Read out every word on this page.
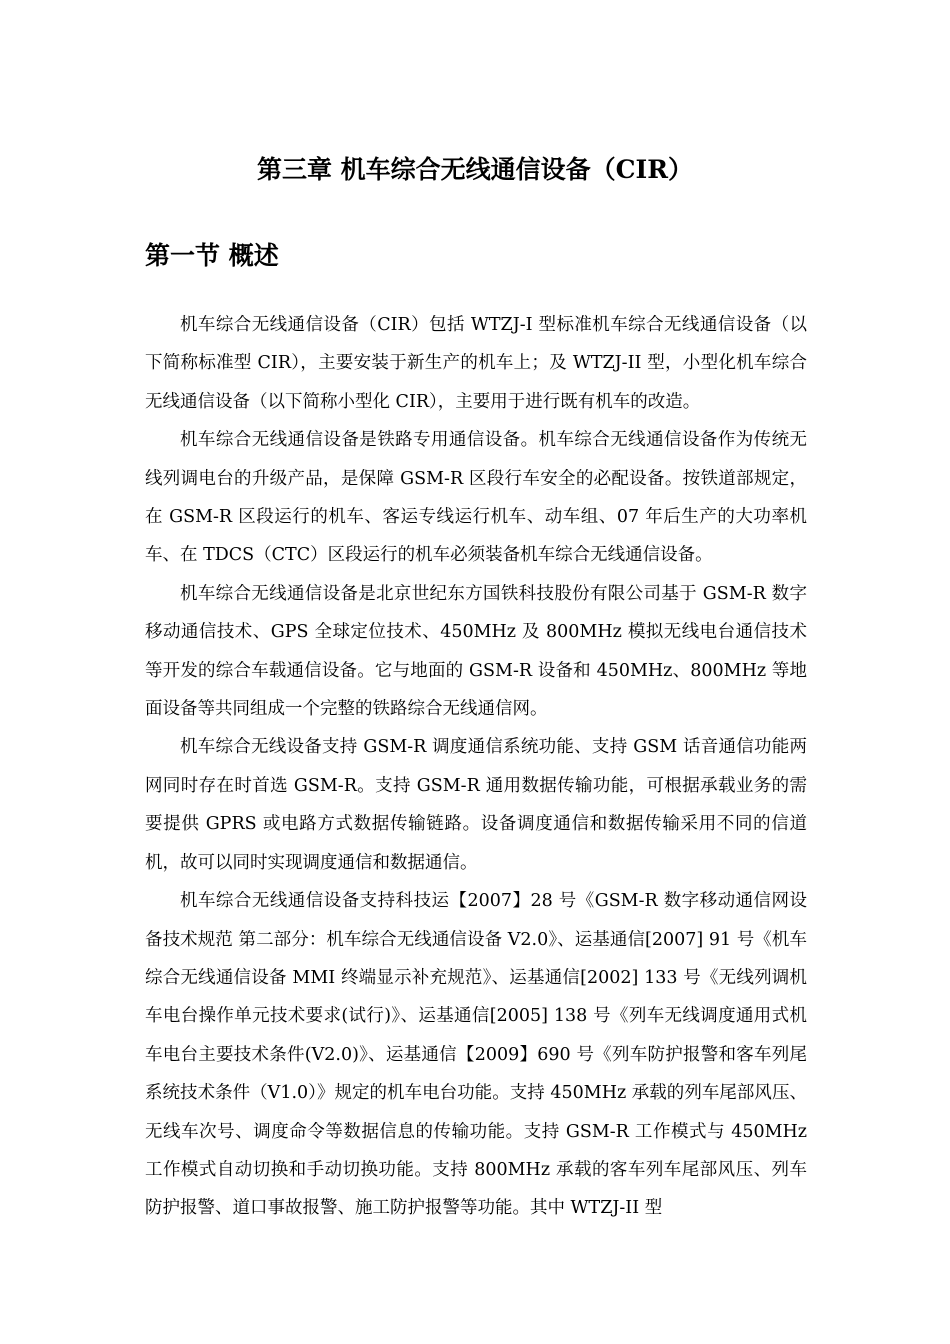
第三章 机车综合无线通信设备（CIR）
第一节 概述

机车综合无线通信设备（CIR）包括 WTZJ-I 型标准机车综合无线通信设备（以下简称标准型 CIR），主要安装于新生产的机车上；及 WTZJ-II 型，小型化机车综合无线通信设备（以下简称小型化 CIR），主要用于进行既有机车的改造。

机车综合无线通信设备是铁路专用通信设备。机车综合无线通信设备作为传统无线列调电台的升级产品，是保障 GSM-R 区段行车安全的必配设备。按铁道部规定，在 GSM-R 区段运行的机车、客运专线运行机车、动车组、07 年后生产的大功率机车、在 TDCS（CTC）区段运行的机车必须装备机车综合无线通信设备。

机车综合无线通信设备是北京世纪东方国铁科技股份有限公司基于 GSM-R 数字移动通信技术、GPS 全球定位技术、450MHz 及 800MHz 模拟无线电台通信技术等开发的综合车载通信设备。它与地面的 GSM-R 设备和 450MHz、800MHz 等地面设备等共同组成一个完整的铁路综合无线通信网。

机车综合无线设备支持 GSM-R 调度通信系统功能、支持 GSM 话音通信功能两网同时存在时首选 GSM-R。支持 GSM-R 通用数据传输功能，可根据承载业务的需要提供 GPRS 或电路方式数据传输链路。设备调度通信和数据传输采用不同的信道机，故可以同时实现调度通信和数据通信。

机车综合无线通信设备支持科技运【2007】28 号《GSM-R 数字移动通信网设备技术规范 第二部分：机车综合无线通信设备 V2.0》、运基通信[2007] 91 号《机车综合无线通信设备 MMI 终端显示补充规范》、运基通信[2002] 133 号《无线列调机车电台操作单元技术要求(试行)》、运基通信[2005] 138 号《列车无线调度通用式机车电台主要技术条件(V2.0)》、运基通信【2009】690 号《列车防护报警和客车列尾系统技术条件（V1.0）》规定的机车电台功能。支持 450MHz 承载的列车尾部风压、无线车次号、调度命令等数据信息的传输功能。支持 GSM-R 工作模式与 450MHz 工作模式自动切换和手动切换功能。支持 800MHz 承载的客车列车尾部风压、列车防护报警、道口事故报警、施工防护报警等功能。其中 WTZJ-II 型
